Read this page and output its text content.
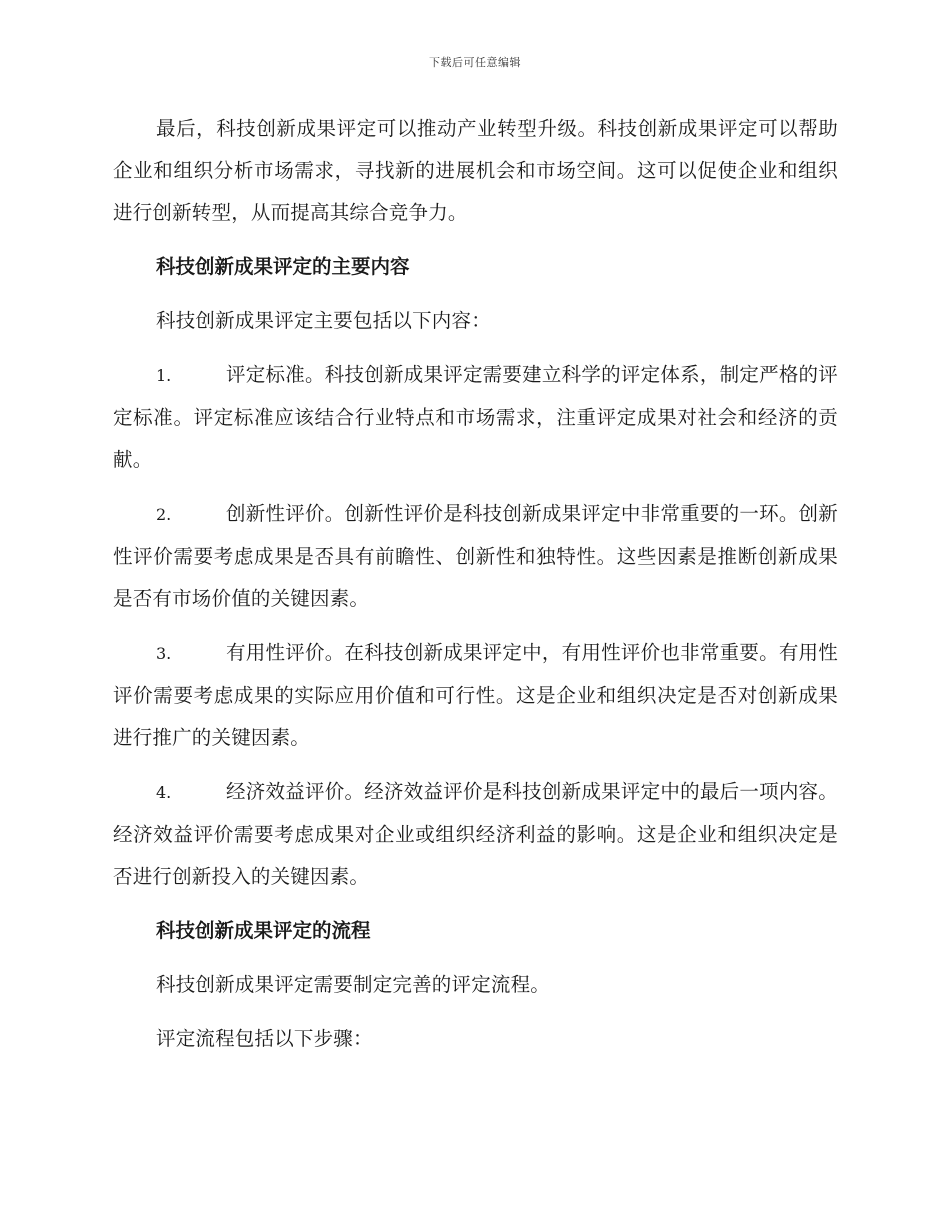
下载后可任意编辑

最后，科技创新成果评定可以推动产业转型升级。科技创新成果评定可以帮助企业和组织分析市场需求，寻找新的进展机会和市场空间。这可以促使企业和组织进行创新转型，从而提高其综合竞争力。

科技创新成果评定的主要内容

科技创新成果评定主要包括以下内容：

1.	评定标准。科技创新成果评定需要建立科学的评定体系，制定严格的评定标准。评定标准应该结合行业特点和市场需求，注重评定成果对社会和经济的贡献。
2.	创新性评价。创新性评价是科技创新成果评定中非常重要的一环。创新性评价需要考虑成果是否具有前瞻性、创新性和独特性。这些因素是推断创新成果是否有市场价值的关键因素。
3.	有用性评价。在科技创新成果评定中，有用性评价也非常重要。有用性评价需要考虑成果的实际应用价值和可行性。这是企业和组织决定是否对创新成果进行推广的关键因素。
4.	经济效益评价。经济效益评价是科技创新成果评定中的最后一项内容。经济效益评价需要考虑成果对企业或组织经济利益的影响。这是企业和组织决定是否进行创新投入的关键因素。
科技创新成果评定的流程

科技创新成果评定需要制定完善的评定流程。

评定流程包括以下步骤：
